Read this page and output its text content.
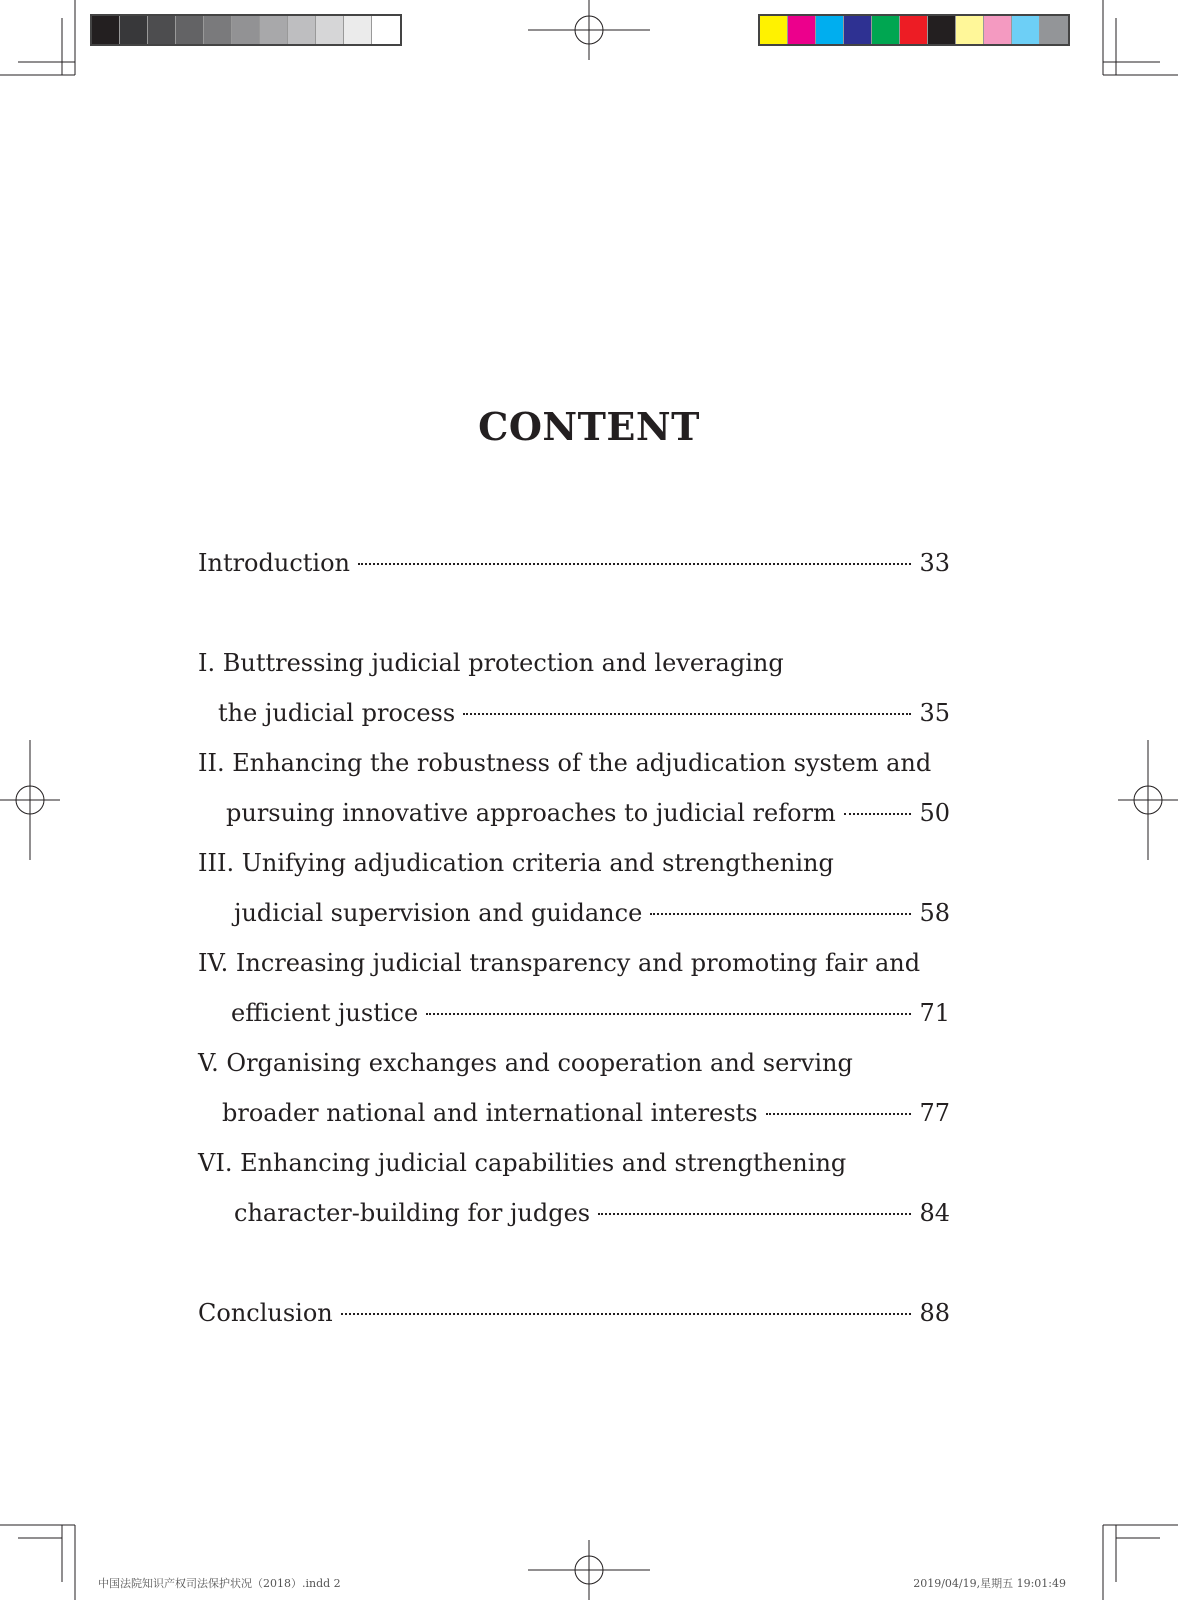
CONTENT
Introduction	33
I. Buttressing judicial protection and leveraging
the judicial process	35
II. Enhancing the robustness of the adjudication system and
pursuing innovative approaches to judicial reform	50
III. Unifying adjudication criteria and strengthening
judicial supervision and guidance	58
IV. Increasing judicial transparency and promoting fair and
efficient justice	71
V. Organising exchanges and cooperation and serving
broader national and international interests	77
VI. Enhancing judicial capabilities and strengthening
character-building for judges	84
Conclusion	88
中国法院知识产权司法保护状况（2018）.indd 2	2019/04/19,星期五 19:01:49
